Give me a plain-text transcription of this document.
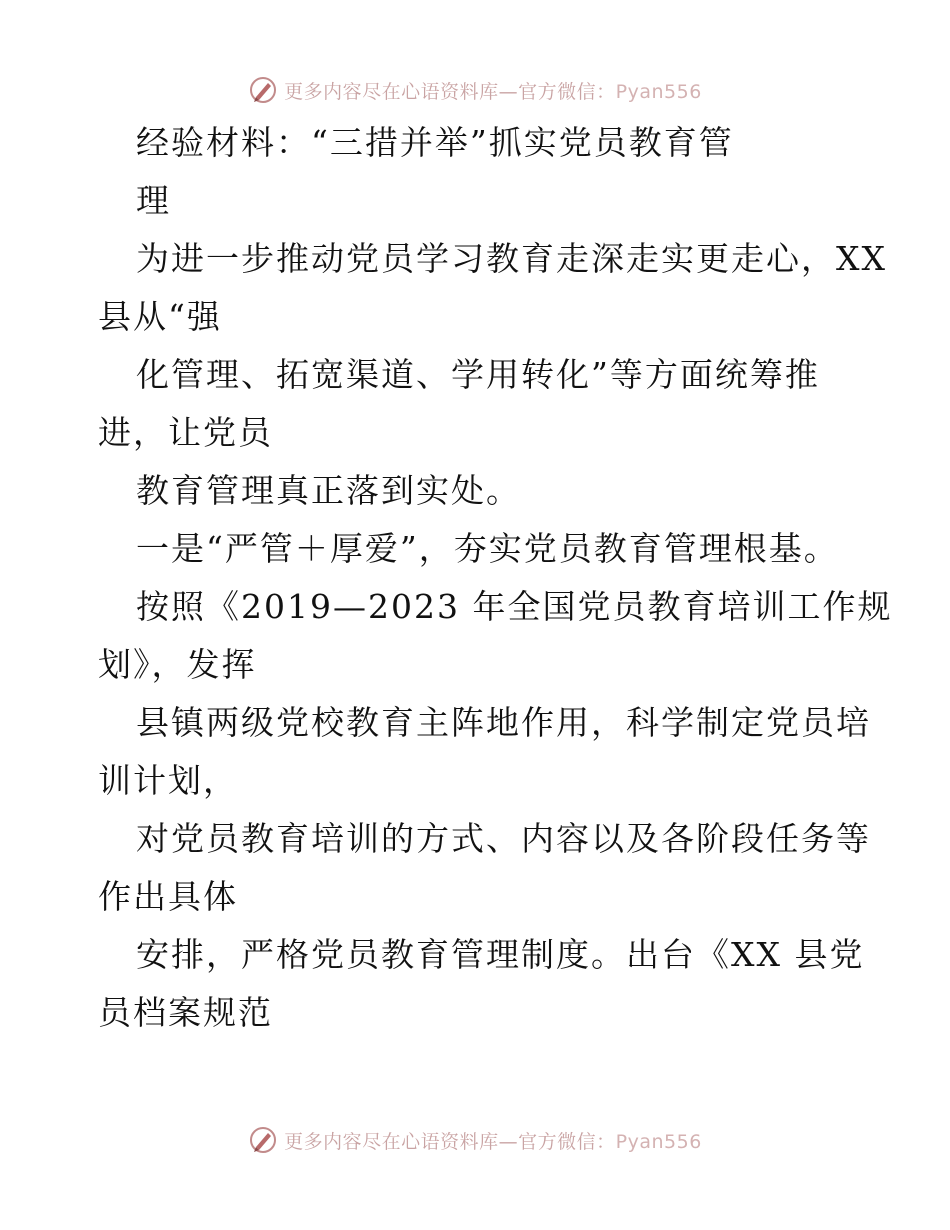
更多内容尽在心语资料库—官方微信：Pyan556
经验材料：“三措并举”抓实党员教育管
理
为进一步推动党员学习教育走深走实更走心，XX
县从“强
化管理、拓宽渠道、学用转化”等方面统筹推
进，让党员
教育管理真正落到实处。
一是“严管＋厚爱”，夯实党员教育管理根基。
按照《2019—2023 年全国党员教育培训工作规
划》，发挥
县镇两级党校教育主阵地作用，科学制定党员培
训计划，
对党员教育培训的方式、内容以及各阶段任务等
作出具体
安排，严格党员教育管理制度。出台《XX 县党
员档案规范
更多内容尽在心语资料库—官方微信：Pyan556
